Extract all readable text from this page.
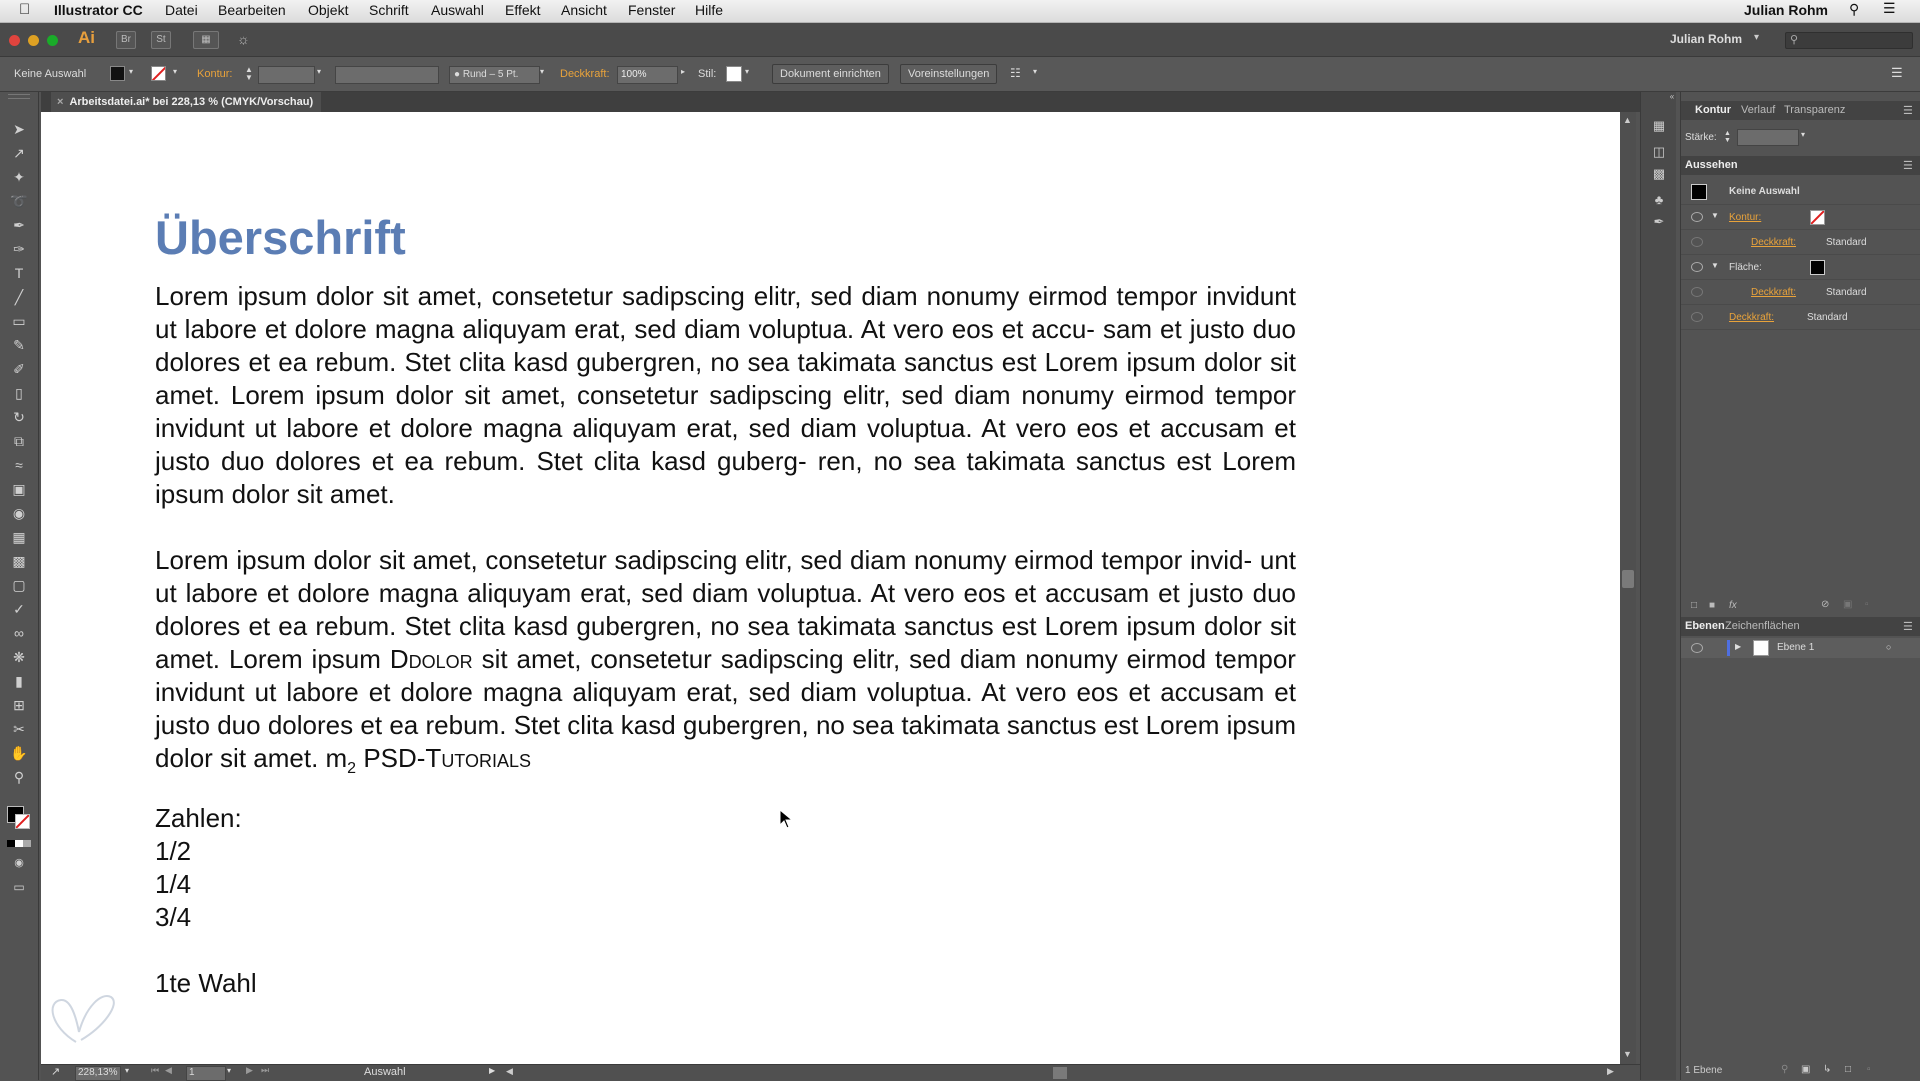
Illustrator CC Datei Bearbeiten Objekt Schrift Auswahl Effekt Ansicht Fenster Hilfe	Julian Rohm ⚲ ☰
Ai	Br	St	▦	☼	Julian Rohm ▾	⚲
Keine Auswahl	▾	▾ Kontur: ▲
▼
▾	● Rund – 5 Pt.	▾ Deckkraft:	100%	▸ Stil:	▾	Dokument einrichten	Voreinstellungen	☷ ▾	☰
➤
↗
✦
➰
✒
✑
T
╱
▭
✎
✐
▯
↻
⧉
≈
▣
◉
▦
▩
▢
✓
∞
❋
▮
⊞
✂
✋
⚲
◉
▭
× Arbeitsdatei.ai* bei 228,13 % (CMYK/Vorschau)
Überschrift
Lorem ipsum dolor sit amet, consetetur sadipscing elitr, sed diam nonumy eirmod tempor invidunt ut labore et dolore magna aliquyam erat, sed diam voluptua. At vero eos et accu- sam et justo duo dolores et ea rebum. Stet clita kasd gubergren, no sea takimata sanctus est Lorem ipsum dolor sit amet. Lorem ipsum dolor sit amet, consetetur sadipscing elitr, sed diam nonumy eirmod tempor invidunt ut labore et dolore magna aliquyam erat, sed diam voluptua. At vero eos et accusam et justo duo dolores et ea rebum. Stet clita kasd guberg- ren, no sea takimata sanctus est Lorem ipsum dolor sit amet.
Lorem ipsum dolor sit amet, consetetur sadipscing elitr, sed diam nonumy eirmod tempor invid- unt ut labore et dolore magna aliquyam erat, sed diam voluptua. At vero eos et accusam et justo duo dolores et ea rebum. Stet clita kasd gubergren, no sea takimata sanctus est Lorem ipsum dolor sit amet. Lorem ipsum Ddolor sit amet, consetetur sadipscing elitr, sed diam nonumy eirmod tempor invidunt ut labore et dolore magna aliquyam erat, sed diam voluptua. At vero eos et accusam et justo duo dolores et ea rebum. Stet clita kasd gubergren, no sea takimata sanctus est Lorem ipsum dolor sit amet. $m_2$ PSD-Tutorials
Zahlen:
1/2
1/4
3/4
1te Wahl
▲
▼
↗	228,13% ▾ ⏮ ◀	1	▾ ▶ ⏭	Auswahl	▶ ◀	▶
«
▦
◫
▩
♣
✒
Kontur Verlauf Transparenz	☰
Stärke: ▲
▼
▾
Aussehen	☰
Keine Auswahl
▼ Kontur:
Deckkraft:	Standard
▼ Fläche:
Deckkraft:	Standard
Deckkraft:	Standard
□ ■ fx	⊘ ▣ ▫
Ebenen Zeichenflächen	☰
▶	Ebene 1	○
1 Ebene	⚲ ▣ ↳ □ ▫
